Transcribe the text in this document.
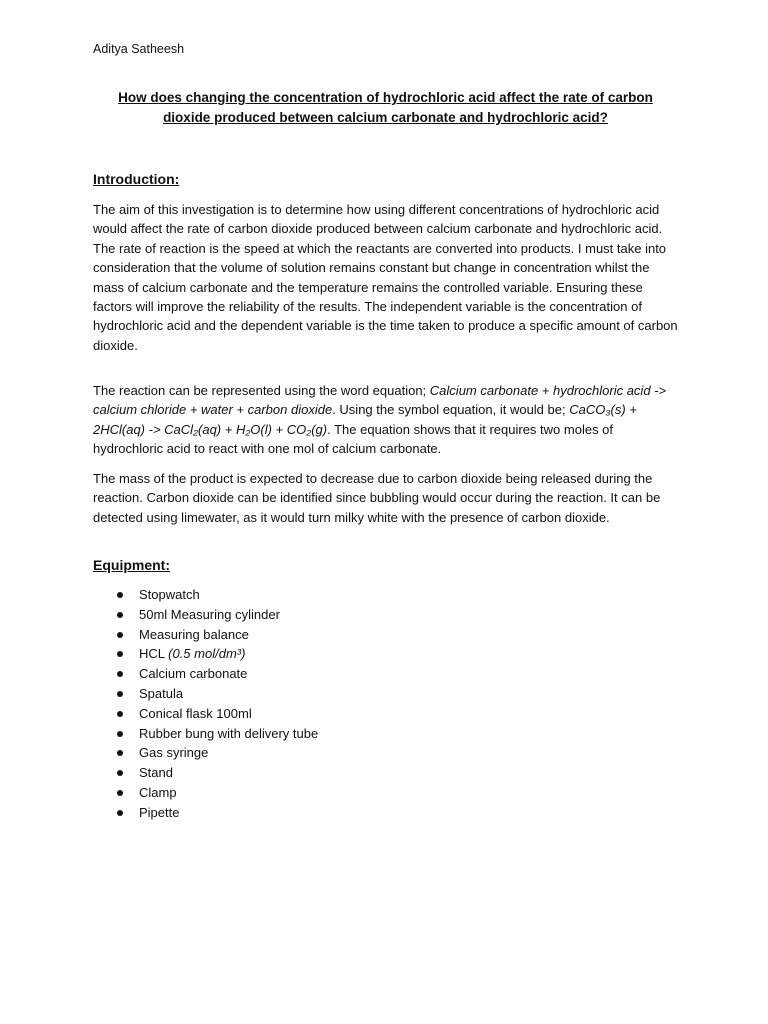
Aditya Satheesh
How does changing the concentration of hydrochloric acid affect the rate of carbon dioxide produced between calcium carbonate and hydrochloric acid?
Introduction:

The aim of this investigation is to determine how using different concentrations of hydrochloric acid would affect the rate of carbon dioxide produced between calcium carbonate and hydrochloric acid. The rate of reaction is the speed at which the reactants are converted into products. I must take into consideration that the volume of solution remains constant but change in concentration whilst the mass of calcium carbonate and the temperature remains the controlled variable. Ensuring these factors will improve the reliability of the results. The independent variable is the concentration of hydrochloric acid and the dependent variable is the time taken to produce a specific amount of carbon dioxide.

The reaction can be represented using the word equation; Calcium carbonate + hydrochloric acid -> calcium chloride + water + carbon dioxide. Using the symbol equation, it would be; CaCO₃(s) + 2HCl(aq) -> CaCl₂(aq) + H₂O(l) + CO₂(g). The equation shows that it requires two moles of hydrochloric acid to react with one mol of calcium carbonate.

The mass of the product is expected to decrease due to carbon dioxide being released during the reaction. Carbon dioxide can be identified since bubbling would occur during the reaction. It can be detected using limewater, as it would turn milky white with the presence of carbon dioxide.

Equipment:
Stopwatch
50ml Measuring cylinder
Measuring balance
HCL (0.5 mol/dm³)
Calcium carbonate
Spatula
Conical flask 100ml
Rubber bung with delivery tube
Gas syringe
Stand
Clamp
Pipette
